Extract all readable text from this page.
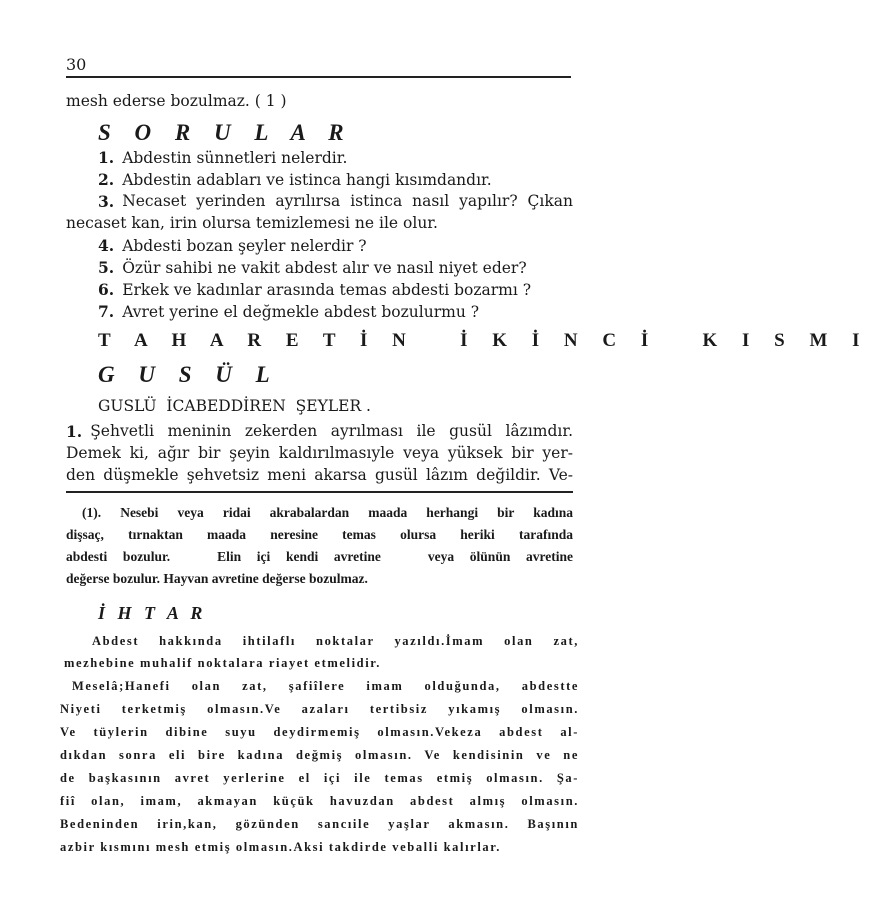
30
mesh ederse bozulmaz. ( 1 )
S O R U L A R
1. Abdestin sünnetleri nelerdir.
2. Abdestin adabları ve istinca hangi kısımdandır.
3. Necaset yerinden ayrılırsa istinca nasıl yapılır? Çıkan
necaset kan, irin olursa temizlemesi ne ile olur.
4. Abdesti bozan şeyler nelerdir ?
5. Özür sahibi ne vakit abdest alır ve nasıl niyet eder?
6. Erkek ve kadınlar arasında temas abdesti bozarmı ?
7. Avret yerine el değmekle abdest bozulurmu ?
T A H A R E T İ N   İ K İ N C İ   K I S M I
G U S Ü L
GUSLÜ  İCABEDDİREN  ŞEYLER .
1. Şehvetli meninin zekerden ayrılması ile gusül lâzımdır.
Demek ki, ağır bir şeyin kaldırılmasıyle veya yüksek bir yer-
den düşmekle şehvetsiz meni akarsa gusül lâzım değildir. Ve-
(1). Nesebi veya ridai akrabalardan maada herhangi bir kadına
dişsaç, tırnaktan maada neresine temas olursa heriki tarafında
abdesti bozulur.   Elin içi kendi avretine   veya ölünün avretine
değerse bozulur. Hayvan avretine değerse bozulmaz.
İ H T A R
Abdest hakkında ihtilaflı noktalar yazıldı.İmam olan zat,
mezhebine muhalif noktalara riayet etmelidir.
Meselâ;Hanefi olan zat, şafiîlere imam olduğunda, abdestte
Niyeti terketmiş olmasın.Ve azaları tertibsiz yıkamış olmasın.
Ve tüylerin dibine suyu deydirmemiş olmasın.Vekeza abdest al-
dıkdan sonra eli bire kadına değmiş olmasın. Ve kendisinin ve ne
de başkasının avret yerlerine el içi ile temas etmiş olmasın. Şa-
fiî olan, imam, akmayan küçük havuzdan abdest almış olmasın.
Bedeninden irin,kan, gözünden sancıile yaşlar akmasın. Başının
azbir kısmını mesh etmiş olmasın.Aksi takdirde veballi kalırlar.
